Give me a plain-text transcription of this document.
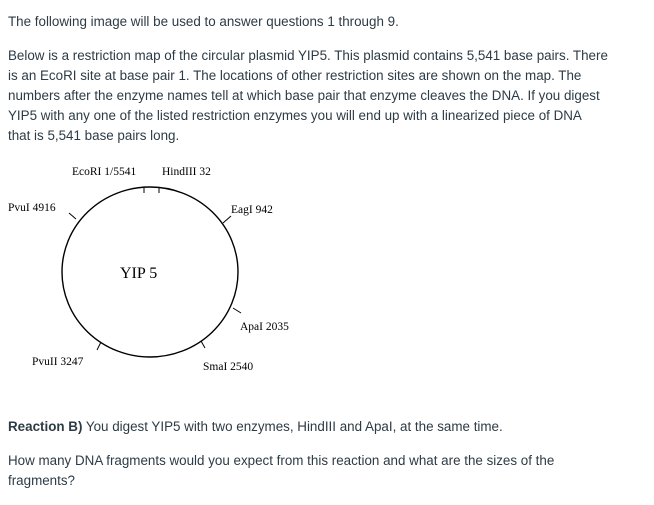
The following image will be used to answer questions 1 through 9.

Below is a restriction map of the circular plasmid YIP5. This plasmid contains 5,541 base pairs. There
is an EcoRI site at base pair 1. The locations of other restriction sites are shown on the map. The
numbers after the enzyme names tell at which base pair that enzyme cleaves the DNA. If you digest
YIP5 with any one of the listed restriction enzymes you will end up with a linearized piece of DNA
that is 5,541 base pairs long.

EcoRI 1/5541 HindIII 32
EagI 942
ApaI 2035
SmaI 2540
PvuII 3247
PvuI 4916
YIP 5

Reaction B) You digest YIP5 with two enzymes, HindIII and ApaI, at the same time.

How many DNA fragments would you expect from this reaction and what are the sizes of the
fragments?
